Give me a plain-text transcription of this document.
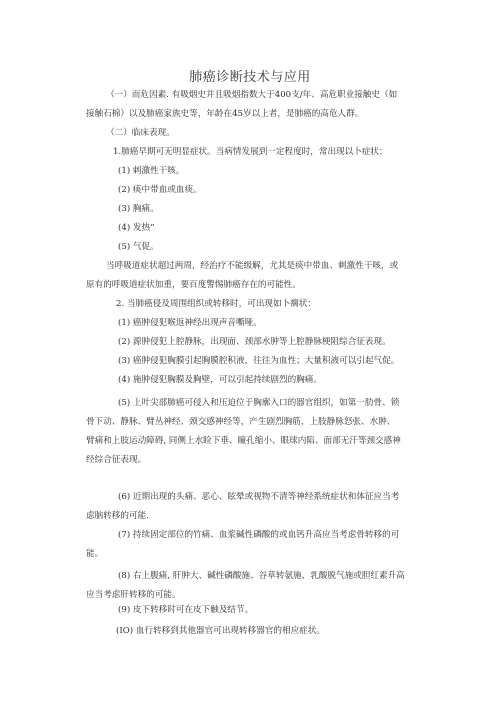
肺癌诊断技术与应用
（一）而危因素. 有吸烟史并且吸烟指数大于400支/年、高危职业接触史（如
接触石棉）以及肺癌家族史等，年龄在45岁以上者，是肺癌的高危人群。
（二）临床表现。
1.肺癌早期可无明显症状。当病情发展到一定程度时，常出现以卜症状：
(1) 剌激性干咳。
(2) 痰中带血或血痰。
(3) 胸痛。
(4) 发热“
(5) 气促。
当呼吸道症状超过两周，经治疗不能级解，尤其是痰中带血、刺激性干咳，或
原有的呼吸道症状加重，要百度警惕肺癌存在的可能性。
2. 当肺癌侵及周围组织或转移时，可出现如卜瘸状：
(1) 癌肿侵犯喉返神经出现声音嘶哑。
(2) 源肿侵犯上腔静脉，出现面、颈部水肿等上腔静脉梗阻综合征表现。
(3) 癌肿侵犯胸膜引起胸膜腔积液，往往为血性；大量积液可以引起气促。
(4) 施肿侵犯胸膜及胸壁，可以引起持续剧烈的胸痛。
(5) 上叶尖部肺癌可侵入和压迫位于胸廓入口的器官组织，如第一肋骨、锁
骨下动、静脉、臂丛神经、颈交感神经等，产生剧烈胸筋，上肢静脉怒张、水肿、
臂痛和上肢运动障碍, 同侧上水睑下垂、瞳孔缩小、眼球内陷、面部无汗等颈交感神
经综合征表现。
(6) 近期出现的头痛、恶心、眩晕或视物不清等神经系统症状和体征应当考
虑脑转移的可能.
(7) 持续固定部位的竹痛、血浆碱性磷酸的或血钙升高应当考虑骨转移的可
能。
(8) 右上腹痛, 肝肿大、碱性磷酸施、谷草转氨施、乳酸脱气施或胆红素升高
应当考虑肝转移的可能。
(9) 皮下转移时可在皮下触及结节。
(IO) 血行转移到其他器官可出现转移器官的相应症状。
